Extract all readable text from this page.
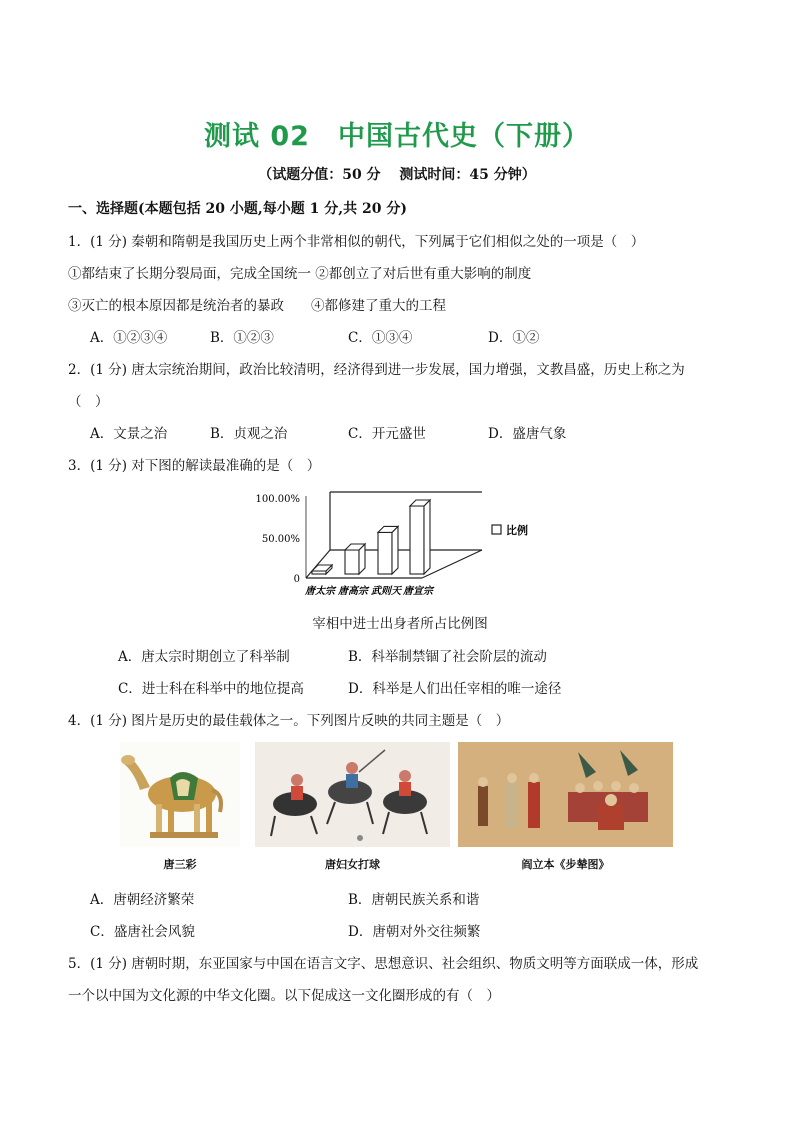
测试 02　中国古代史（下册）
（试题分值：50 分　 测试时间：45 分钟）
一、选择题(本题包括 20 小题,每小题 1 分,共 20 分)
1．(1 分) 秦朝和隋朝是我国历史上两个非常相似的朝代，下列属于它们相似之处的一项是（　）
①都结束了长期分裂局面，完成全国统一 ②都创立了对后世有重大影响的制度
③灭亡的根本原因都是统治者的暴政　　④都修建了重大的工程
A．①②③④	B．①②③	C．①③④	D．①②
2．(1 分) 唐太宗统治期间，政治比较清明，经济得到进一步发展，国力增强，文教昌盛，历史上称之为
（　）
A．文景之治	B．贞观之治	C．开元盛世	D．盛唐气象
3．(1 分) 对下图的解读最准确的是（　）
0
50.00%
100.00%
唐太宗 唐高宗 武则天 唐宣宗
比例
宰相中进士出身者所占比例图
A．唐太宗时期创立了科举制	B．科举制禁锢了社会阶层的流动
C．进士科在科举中的地位提高	D．科举是人们出任宰相的唯一途径
4．(1 分) 图片是历史的最佳载体之一。下列图片反映的共同主题是（　）
唐三彩	唐妇女打球	阎立本《步辇图》
A．唐朝经济繁荣	B．唐朝民族关系和谐
C．盛唐社会风貌	D．唐朝对外交往频繁
5．(1 分) 唐朝时期，东亚国家与中国在语言文字、思想意识、社会组织、物质文明等方面联成一体，形成
一个以中国为文化源的中华文化圈。以下促成这一文化圈形成的有（　）
